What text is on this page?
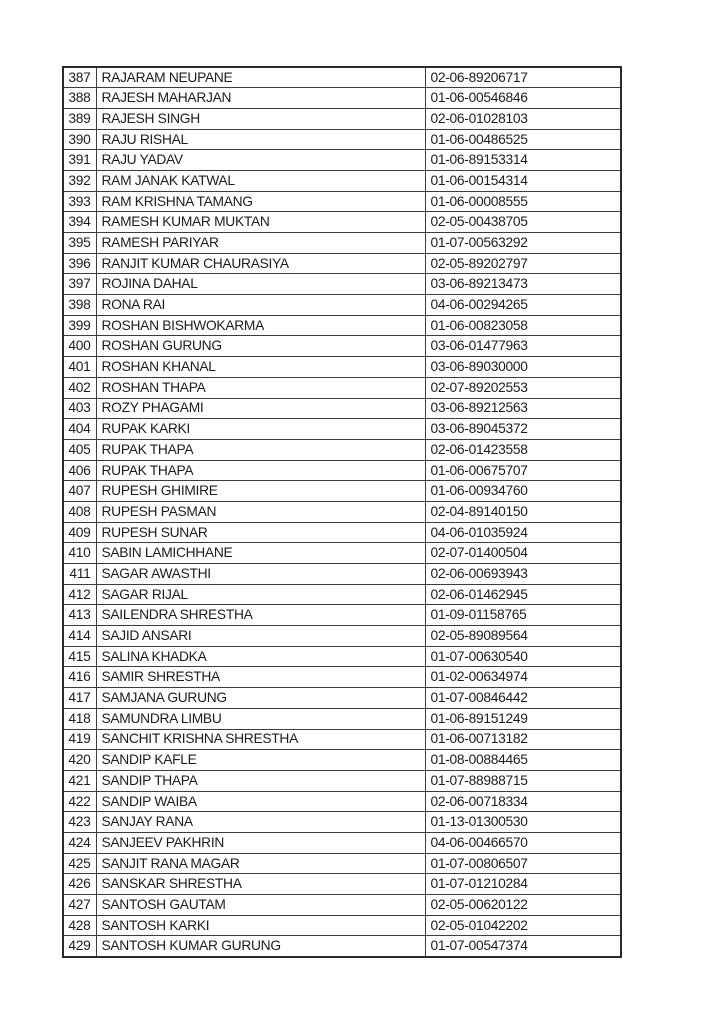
387	RAJARAM NEUPANE	02-06-89206717
388	RAJESH MAHARJAN	01-06-00546846
389	RAJESH SINGH	02-06-01028103
390	RAJU RISHAL	01-06-00486525
391	RAJU YADAV	01-06-89153314
392	RAM JANAK KATWAL	01-06-00154314
393	RAM KRISHNA TAMANG	01-06-00008555
394	RAMESH KUMAR MUKTAN	02-05-00438705
395	RAMESH PARIYAR	01-07-00563292
396	RANJIT KUMAR CHAURASIYA	02-05-89202797
397	ROJINA DAHAL	03-06-89213473
398	RONA RAI	04-06-00294265
399	ROSHAN BISHWOKARMA	01-06-00823058
400	ROSHAN GURUNG	03-06-01477963
401	ROSHAN KHANAL	03-06-89030000
402	ROSHAN THAPA	02-07-89202553
403	ROZY PHAGAMI	03-06-89212563
404	RUPAK KARKI	03-06-89045372
405	RUPAK THAPA	02-06-01423558
406	RUPAK THAPA	01-06-00675707
407	RUPESH GHIMIRE	01-06-00934760
408	RUPESH PASMAN	02-04-89140150
409	RUPESH SUNAR	04-06-01035924
410	SABIN LAMICHHANE	02-07-01400504
411	SAGAR AWASTHI	02-06-00693943
412	SAGAR RIJAL	02-06-01462945
413	SAILENDRA SHRESTHA	01-09-01158765
414	SAJID ANSARI	02-05-89089564
415	SALINA KHADKA	01-07-00630540
416	SAMIR SHRESTHA	01-02-00634974
417	SAMJANA GURUNG	01-07-00846442
418	SAMUNDRA LIMBU	01-06-89151249
419	SANCHIT KRISHNA SHRESTHA	01-06-00713182
420	SANDIP KAFLE	01-08-00884465
421	SANDIP THAPA	01-07-88988715
422	SANDIP WAIBA	02-06-00718334
423	SANJAY RANA	01-13-01300530
424	SANJEEV PAKHRIN	04-06-00466570
425	SANJIT RANA MAGAR	01-07-00806507
426	SANSKAR SHRESTHA	01-07-01210284
427	SANTOSH GAUTAM	02-05-00620122
428	SANTOSH KARKI	02-05-01042202
429	SANTOSH KUMAR GURUNG	01-07-00547374
